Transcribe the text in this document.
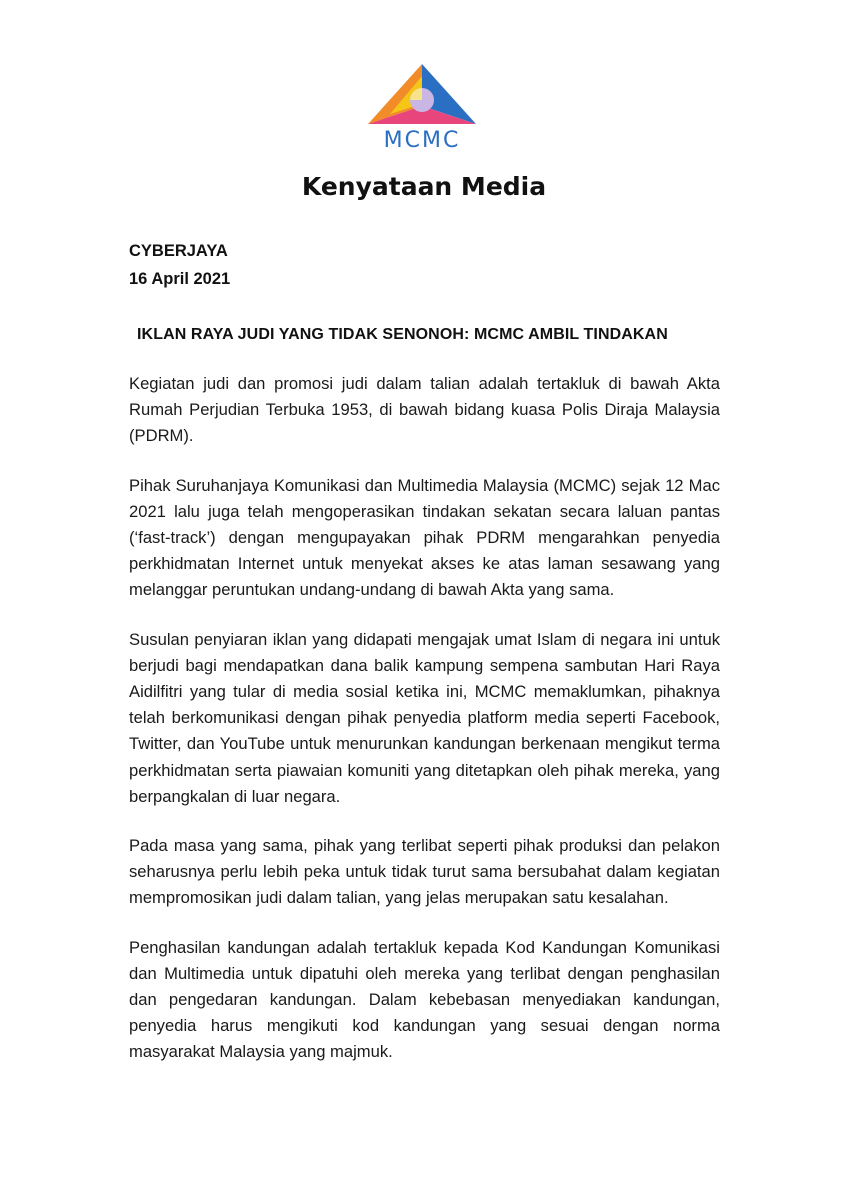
MCMC
Kenyataan Media
CYBERJAYA
16 April 2021
IKLAN RAYA JUDI YANG TIDAK SENONOH: MCMC AMBIL TINDAKAN

Kegiatan judi dan promosi judi dalam talian adalah tertakluk di bawah Akta Rumah Perjudian Terbuka 1953, di bawah bidang kuasa Polis Diraja Malaysia (PDRM).

Pihak Suruhanjaya Komunikasi dan Multimedia Malaysia (MCMC) sejak 12 Mac 2021 lalu juga telah mengoperasikan tindakan sekatan secara laluan pantas (‘fast-track’) dengan mengupayakan pihak PDRM mengarahkan penyedia perkhidmatan Internet untuk menyekat akses ke atas laman sesawang yang melanggar peruntukan undang-undang di bawah Akta yang sama.

Susulan penyiaran iklan yang didapati mengajak umat Islam di negara ini untuk berjudi bagi mendapatkan dana balik kampung sempena sambutan Hari Raya Aidilfitri yang tular di media sosial ketika ini, MCMC memaklumkan, pihaknya telah berkomunikasi dengan pihak penyedia platform media seperti Facebook, Twitter, dan YouTube untuk menurunkan kandungan berkenaan mengikut terma perkhidmatan serta piawaian komuniti yang ditetapkan oleh pihak mereka, yang berpangkalan di luar negara.

Pada masa yang sama, pihak yang terlibat seperti pihak produksi dan pelakon seharusnya perlu lebih peka untuk tidak turut sama bersubahat dalam kegiatan mempromosikan judi dalam talian, yang jelas merupakan satu kesalahan.

Penghasilan kandungan adalah tertakluk kepada Kod Kandungan Komunikasi dan Multimedia untuk dipatuhi oleh mereka yang terlibat dengan penghasilan dan pengedaran kandungan. Dalam kebebasan menyediakan kandungan, penyedia harus mengikuti kod kandungan yang sesuai dengan norma masyarakat Malaysia yang majmuk.
